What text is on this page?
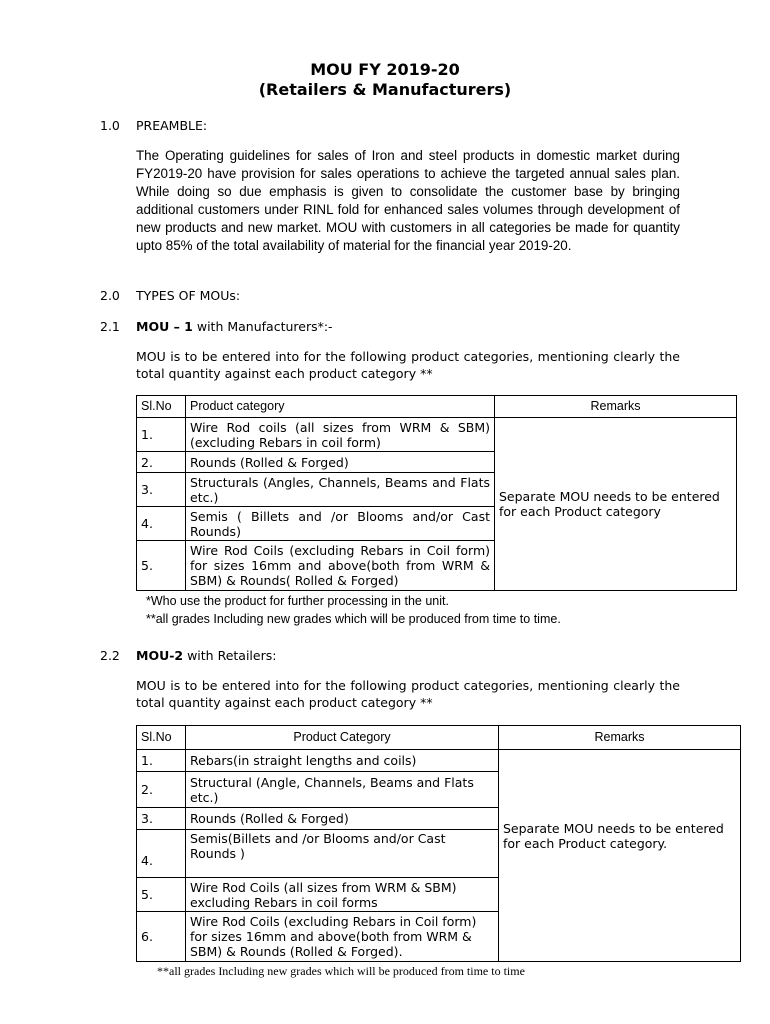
MOU FY 2019-20
(Retailers & Manufacturers)
1.0 PREAMBLE:
The Operating guidelines for sales of Iron and steel products in domestic market during FY2019-20 have provision for sales operations to achieve the targeted annual sales plan. While doing so due emphasis is given to consolidate the customer base by bringing additional customers under RINL fold for enhanced sales volumes through development of new products and new market. MOU with customers in all categories be made for quantity upto 85% of the total availability of material for the financial year 2019-20.
2.0 TYPES OF MOUs:
2.1 MOU – 1 with Manufacturers*:-
MOU is to be entered into for the following product categories, mentioning clearly the total quantity against each product category **
Sl.No	Product category	Remarks
1.	Wire Rod coils (all sizes from WRM & SBM) (excluding Rebars in coil form)	Separate MOU needs to be entered for each Product category
2.	Rounds (Rolled & Forged)	
3.	Structurals (Angles, Channels, Beams and Flats etc.)	
4.	Semis ( Billets and /or Blooms and/or Cast Rounds)	
5.	Wire Rod Coils (excluding Rebars in Coil form) for sizes 16mm and above(both from WRM & SBM) & Rounds( Rolled & Forged)	
*Who use the product for further processing in the unit.
**all grades Including new grades which will be produced from time to time.
2.2 MOU-2 with Retailers:
MOU is to be entered into for the following product categories, mentioning clearly the total quantity against each product category **
Sl.No	Product Category	Remarks
1.	Rebars(in straight lengths and coils)	Separate MOU needs to be entered for each Product category.
2.	Structural (Angle, Channels, Beams and Flats etc.)	
3.	Rounds (Rolled & Forged)	
4.	Semis(Billets and /or Blooms and/or Cast Rounds )	
5.	Wire Rod Coils (all sizes from WRM & SBM) excluding Rebars in coil forms	
6.	Wire Rod Coils (excluding Rebars in Coil form) for sizes 16mm and above(both from WRM & SBM) & Rounds (Rolled & Forged).	
**all grades Including new grades which will be produced from time to time
